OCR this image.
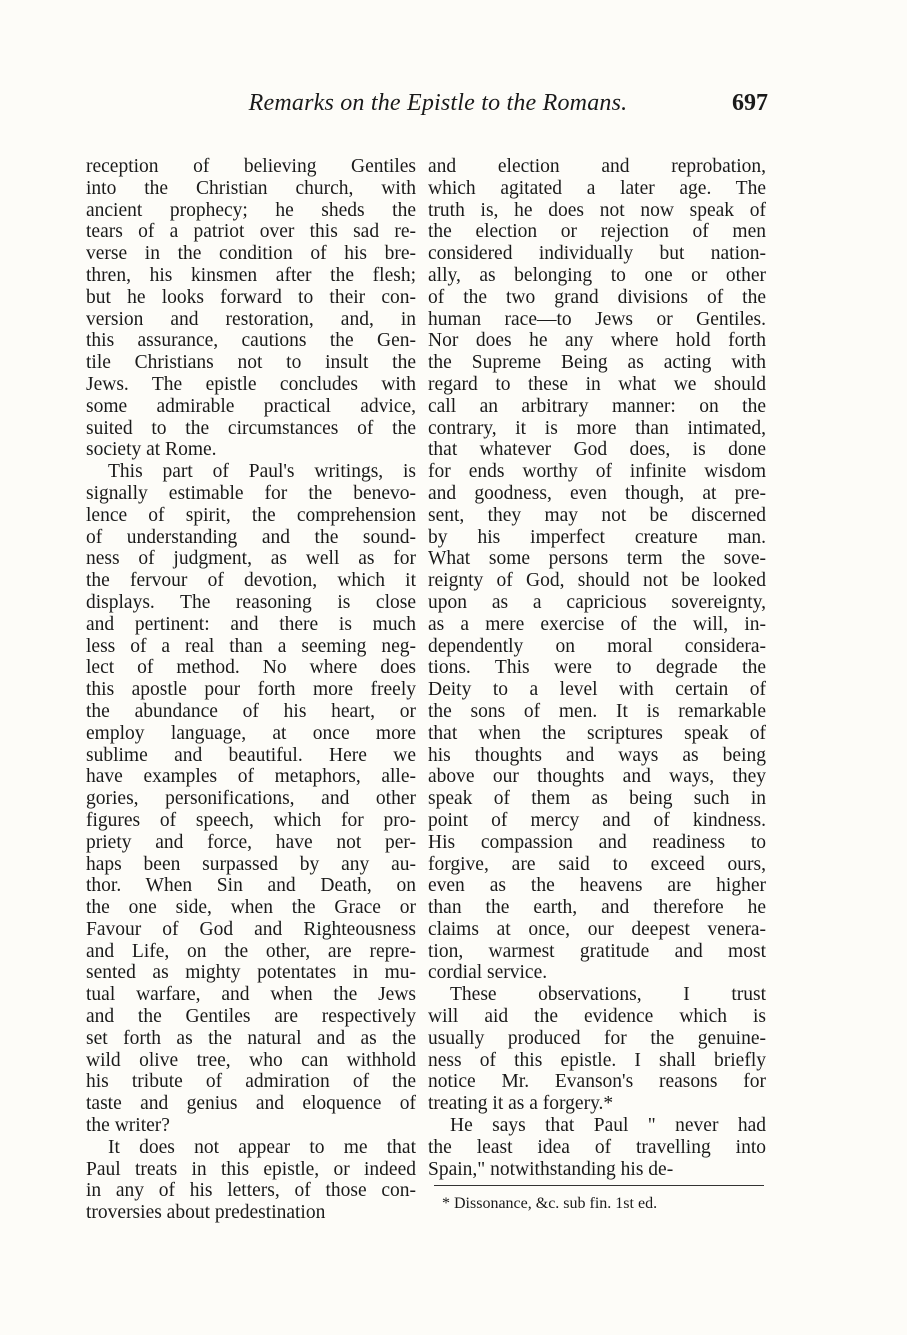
Remarks on the Epistle to the Romans.	697
reception of believing Gentiles
into the Christian church, with
ancient prophecy; he sheds the
tears of a patriot over this sad re-
verse in the condition of his bre-
thren, his kinsmen after the flesh;
but he looks forward to their con-
version and restoration, and, in
this assurance, cautions the Gen-
tile Christians not to insult the
Jews. The epistle concludes with
some admirable practical advice,
suited to the circumstances of the
society at Rome.
This part of Paul's writings, is
signally estimable for the benevo-
lence of spirit, the comprehension
of understanding and the sound-
ness of judgment, as well as for
the fervour of devotion, which it
displays. The reasoning is close
and pertinent: and there is much
less of a real than a seeming neg-
lect of method. No where does
this apostle pour forth more freely
the abundance of his heart, or
employ language, at once more
sublime and beautiful. Here we
have examples of metaphors, alle-
gories, personifications, and other
figures of speech, which for pro-
priety and force, have not per-
haps been surpassed by any au-
thor. When Sin and Death, on
the one side, when the Grace or
Favour of God and Righteousness
and Life, on the other, are repre-
sented as mighty potentates in mu-
tual warfare, and when the Jews
and the Gentiles are respectively
set forth as the natural and as the
wild olive tree, who can withhold
his tribute of admiration of the
taste and genius and eloquence of
the writer?
It does not appear to me that
Paul treats in this epistle, or indeed
in any of his letters, of those con-
troversies about predestination
and election and reprobation,
which agitated a later age. The
truth is, he does not now speak of
the election or rejection of men
considered individually but nation-
ally, as belonging to one or other
of the two grand divisions of the
human race—to Jews or Gentiles.
Nor does he any where hold forth
the Supreme Being as acting with
regard to these in what we should
call an arbitrary manner: on the
contrary, it is more than intimated,
that whatever God does, is done
for ends worthy of infinite wisdom
and goodness, even though, at pre-
sent, they may not be discerned
by his imperfect creature man.
What some persons term the sove-
reignty of God, should not be looked
upon as a capricious sovereignty,
as a mere exercise of the will, in-
dependently on moral considera-
tions. This were to degrade the
Deity to a level with certain of
the sons of men. It is remarkable
that when the scriptures speak of
his thoughts and ways as being
above our thoughts and ways, they
speak of them as being such in
point of mercy and of kindness.
His compassion and readiness to
forgive, are said to exceed ours,
even as the heavens are higher
than the earth, and therefore he
claims at once, our deepest venera-
tion, warmest gratitude and most
cordial service.
These observations, I trust
will aid the evidence which is
usually produced for the genuine-
ness of this epistle. I shall briefly
notice Mr. Evanson's reasons for
treating it as a forgery.*
He says that Paul " never had
the least idea of travelling into
Spain," notwithstanding his de-
* Dissonance, &c. sub fin. 1st ed.
